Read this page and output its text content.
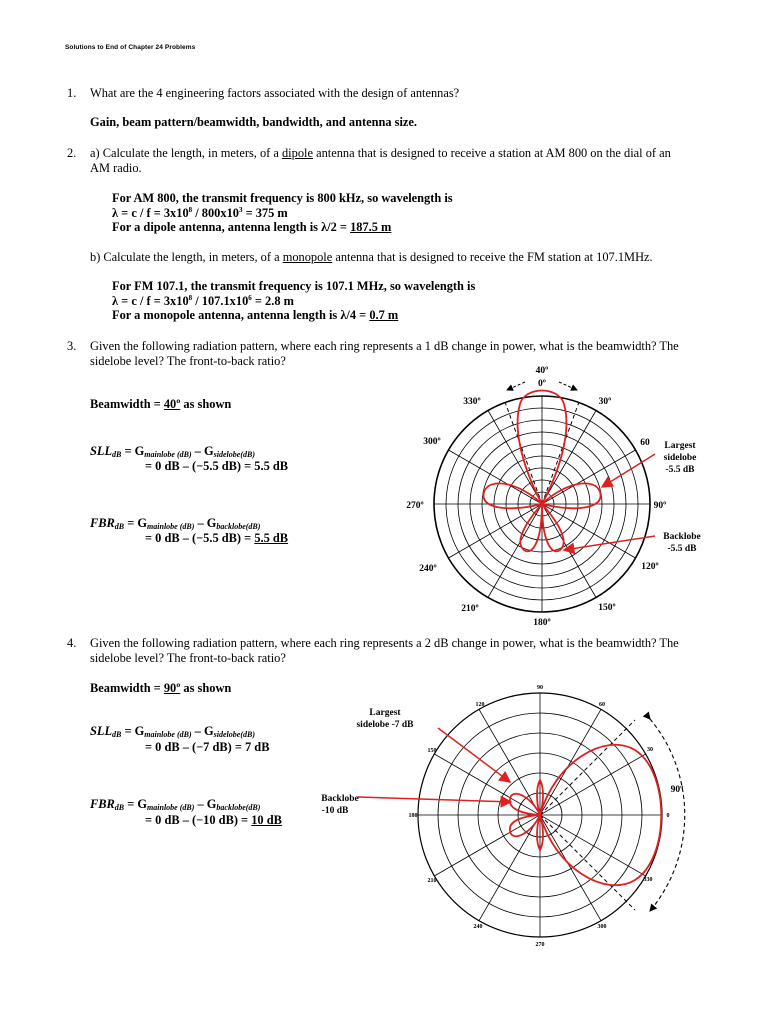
Solutions to End of Chapter 24 Problems
1. What are the 4 engineering factors associated with the design of antennas?
Gain, beam pattern/beamwidth, bandwidth, and antenna size.
2. a) Calculate the length, in meters, of a dipole antenna that is designed to receive a station at AM 800 on the dial of an
AM radio.
For AM 800, the transmit frequency is 800 kHz, so wavelength is
$\lambda = c / f = 3x10^8 / 800x10^3 = 375$ m
For a dipole antenna, antenna length is λ/2 = 187.5 m
b) Calculate the length, in meters, of a monopole antenna that is designed to receive the FM station at 107.1MHz.
For FM 107.1, the transmit frequency is 107.1 MHz, so wavelength is
$\lambda = c / f = 3x10^8 / 107.1x10^6 = 2.8$ m
For a monopole antenna, antenna length is λ/4 = 0.7 m
3. Given the following radiation pattern, where each ring represents a 1 dB change in power, what is the beamwidth? The
sidelobe level? The front-to-back ratio?
Beamwidth = 40º as shown
$SLL_{dB} = G_{mainlobe (dB)} - G_{sidelobe(dB)}$
= 0 dB – (−5.5 dB) = 5.5 dB
$FBR_{dB} = G_{mainlobe (dB)} - G_{backlobe(dB)}$
= 0 dB – (−5.5 dB) = 5.5 dB
40º
0º
30º
60
90º
120º
150º
180º
210º
240º
270º
300º
330º
Largest
sidelobe
-5.5 dB
Backlobe
-5.5 dB
4. Given the following radiation pattern, where each ring represents a 2 dB change in power, what is the beamwidth? The
sidelobe level? The front-to-back ratio?
Beamwidth = 90º as shown
$SLL_{dB} = G_{mainlobe (dB)} - G_{sidelobe(dB)}$
= 0 dB – (−7 dB) = 7 dB
$FBR_{dB} = G_{mainlobe (dB)} - G_{backlobe(dB)}$
= 0 dB – (−10 dB) = 10 dB
90
60
30
0
330
300
270
240
210
180
150
120
90º
Largest
sidelobe -7 dB
Backlobe
-10 dB
